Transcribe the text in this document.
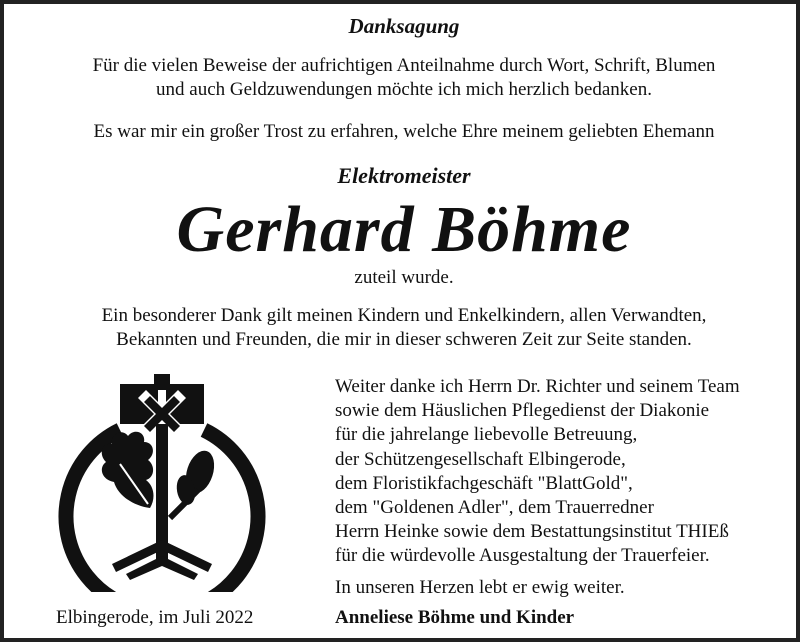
Danksagung
Für die vielen Beweise der aufrichtigen Anteilnahme durch Wort, Schrift, Blumen
und auch Geldzuwendungen möchte ich mich herzlich bedanken.
Es war mir ein großer Trost zu erfahren, welche Ehre meinem geliebten Ehemann
Elektromeister
Gerhard Böhme
zuteil wurde.
Ein besonderer Dank gilt meinen Kindern und Enkelkindern, allen Verwandten,
Bekannten und Freunden, die mir in dieser schweren Zeit zur Seite standen.
Weiter danke ich Herrn Dr. Richter und seinem Team
sowie dem Häuslichen Pflegedienst der Diakonie
für die jahrelange liebevolle Betreuung,
der Schützengesellschaft Elbingerode,
dem Floristikfachgeschäft "BlattGold",
dem "Goldenen Adler", dem Trauerredner
Herrn Heinke sowie dem Bestattungsinstitut THIEß
für die würdevolle Ausgestaltung der Trauerfeier.
In unseren Herzen lebt er ewig weiter.
Elbingerode, im Juli 2022	Anneliese Böhme und Kinder
